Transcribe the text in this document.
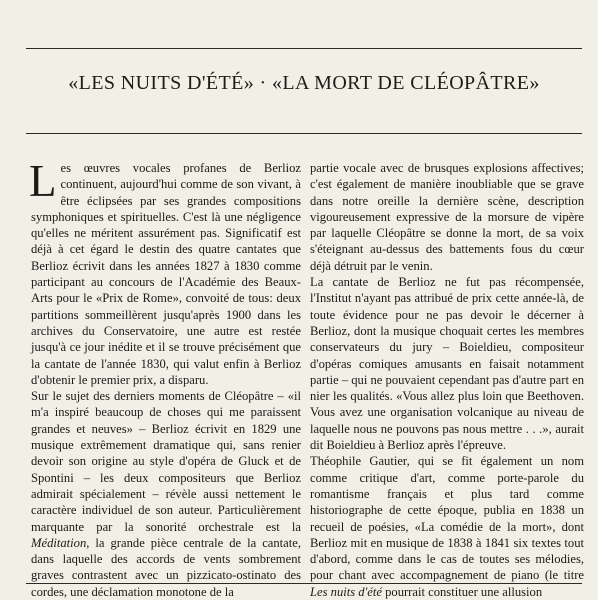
«LES NUITS D'ÉTÉ» · «LA MORT DE CLÉOPÂTRE»

Les œuvres vocales profanes de Berlioz continuent, aujourd'hui comme de son vivant, à être éclipsées par ses grandes compositions symphoniques et spirituelles. C'est là une négligence qu'elles ne méritent assurément pas. Significatif est déjà à cet égard le destin des quatre cantates que Berlioz écrivit dans les années 1827 à 1830 comme participant au concours de l'Académie des Beaux-Arts pour le «Prix de Rome», convoité de tous: deux partitions sommeillèrent jusqu'après 1900 dans les archives du Conservatoire, une autre est restée jusqu'à ce jour inédite et il se trouve précisément que la cantate de l'année 1830, qui valut enfin à Berlioz d'obtenir le premier prix, a disparu.

Sur le sujet des derniers moments de Cléopâtre – «il m'a inspiré beaucoup de choses qui me paraissent grandes et neuves» – Berlioz écrivit en 1829 une musique extrêmement dramatique qui, sans renier devoir son origine au style d'opéra de Gluck et de Spontini – les deux compositeurs que Berlioz admirait spécialement – révèle aussi nettement le caractère individuel de son auteur. Particulièrement marquante par la sonorité orchestrale est la Méditation, la grande pièce centrale de la cantate, dans laquelle des accords de vents sombrement graves contrastent avec un pizzicato-ostinato des cordes, une déclamation monotone de la

partie vocale avec de brusques explosions affectives; c'est également de manière inoubliable que se grave dans notre oreille la dernière scène, description vigoureusement expressive de la morsure de vipère par laquelle Cléopâtre se donne la mort, de sa voix s'éteignant au-dessus des battements fous du cœur déjà détruit par le venin.

La cantate de Berlioz ne fut pas récompensée, l'Institut n'ayant pas attribué de prix cette année-là, de toute évidence pour ne pas devoir le décerner à Berlioz, dont la musique choquait certes les membres conservateurs du jury – Boieldieu, compositeur d'opéras comiques amusants en faisait notamment partie – qui ne pouvaient cependant pas d'autre part en nier les qualités. «Vous allez plus loin que Beethoven. Vous avez une organisation volcanique au niveau de laquelle nous ne pouvons pas nous mettre . . .», aurait dit Boieldieu à Berlioz après l'épreuve.

Théophile Gautier, qui se fit également un nom comme critique d'art, comme porte-parole du romantisme français et plus tard comme historiographe de cette époque, publia en 1838 un recueil de poésies, «La comédie de la mort», dont Berlioz mit en musique de 1838 à 1841 six textes tout d'abord, comme dans le cas de toutes ses mélodies, pour chant avec accompagnement de piano (le titre Les nuits d'été pourrait constituer une allusion
